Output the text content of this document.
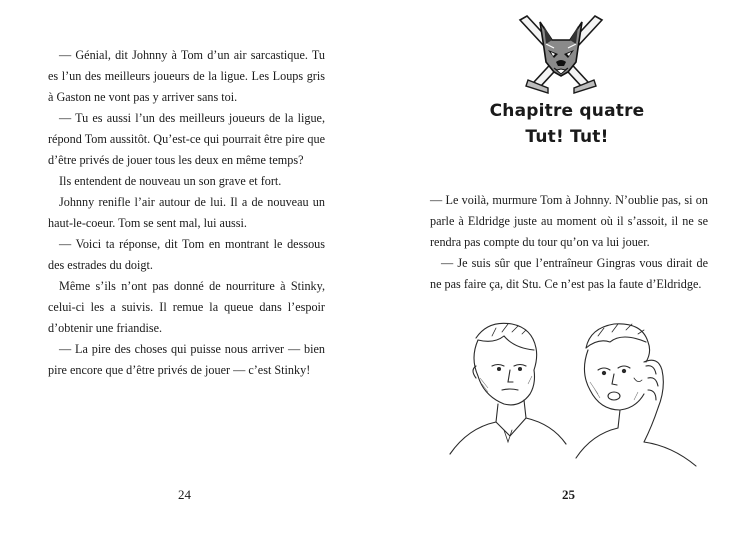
— Génial, dit Johnny à Tom d’un air sarcastique. Tu es l’un des meilleurs joueurs de la ligue. Les Loups gris à Gaston ne vont pas y arriver sans toi.

— Tu es aussi l’un des meilleurs joueurs de la ligue, répond Tom aussitôt. Qu’est-ce qui pourrait être pire que d’être privés de jouer tous les deux en même temps?

Ils entendent de nouveau un son grave et fort.

Johnny renifle l’air autour de lui. Il a de nouveau un haut-le-coeur. Tom se sent mal, lui aussi.

— Voici ta réponse, dit Tom en montrant le dessous des estrades du doigt.

Même s’ils n’ont pas donné de nourriture à Stinky, celui-ci les a suivis. Il remue la queue dans l’espoir d’obtenir une friandise.

— La pire des choses qui puisse nous arriver — bien pire encore que d’être privés de jouer — c’est Stinky!

24
Chapitre quatre
Tut! Tut!

— Le voilà, murmure Tom à Johnny. N’oublie pas, si on parle à Eldridge juste au moment où il s’assoit, il ne se rendra pas compte du tour qu’on va lui jouer.

— Je suis sûr que l’entraîneur Gingras vous dirait de ne pas faire ça, dit Stu. Ce n’est pas la faute d’Eldridge.

25
